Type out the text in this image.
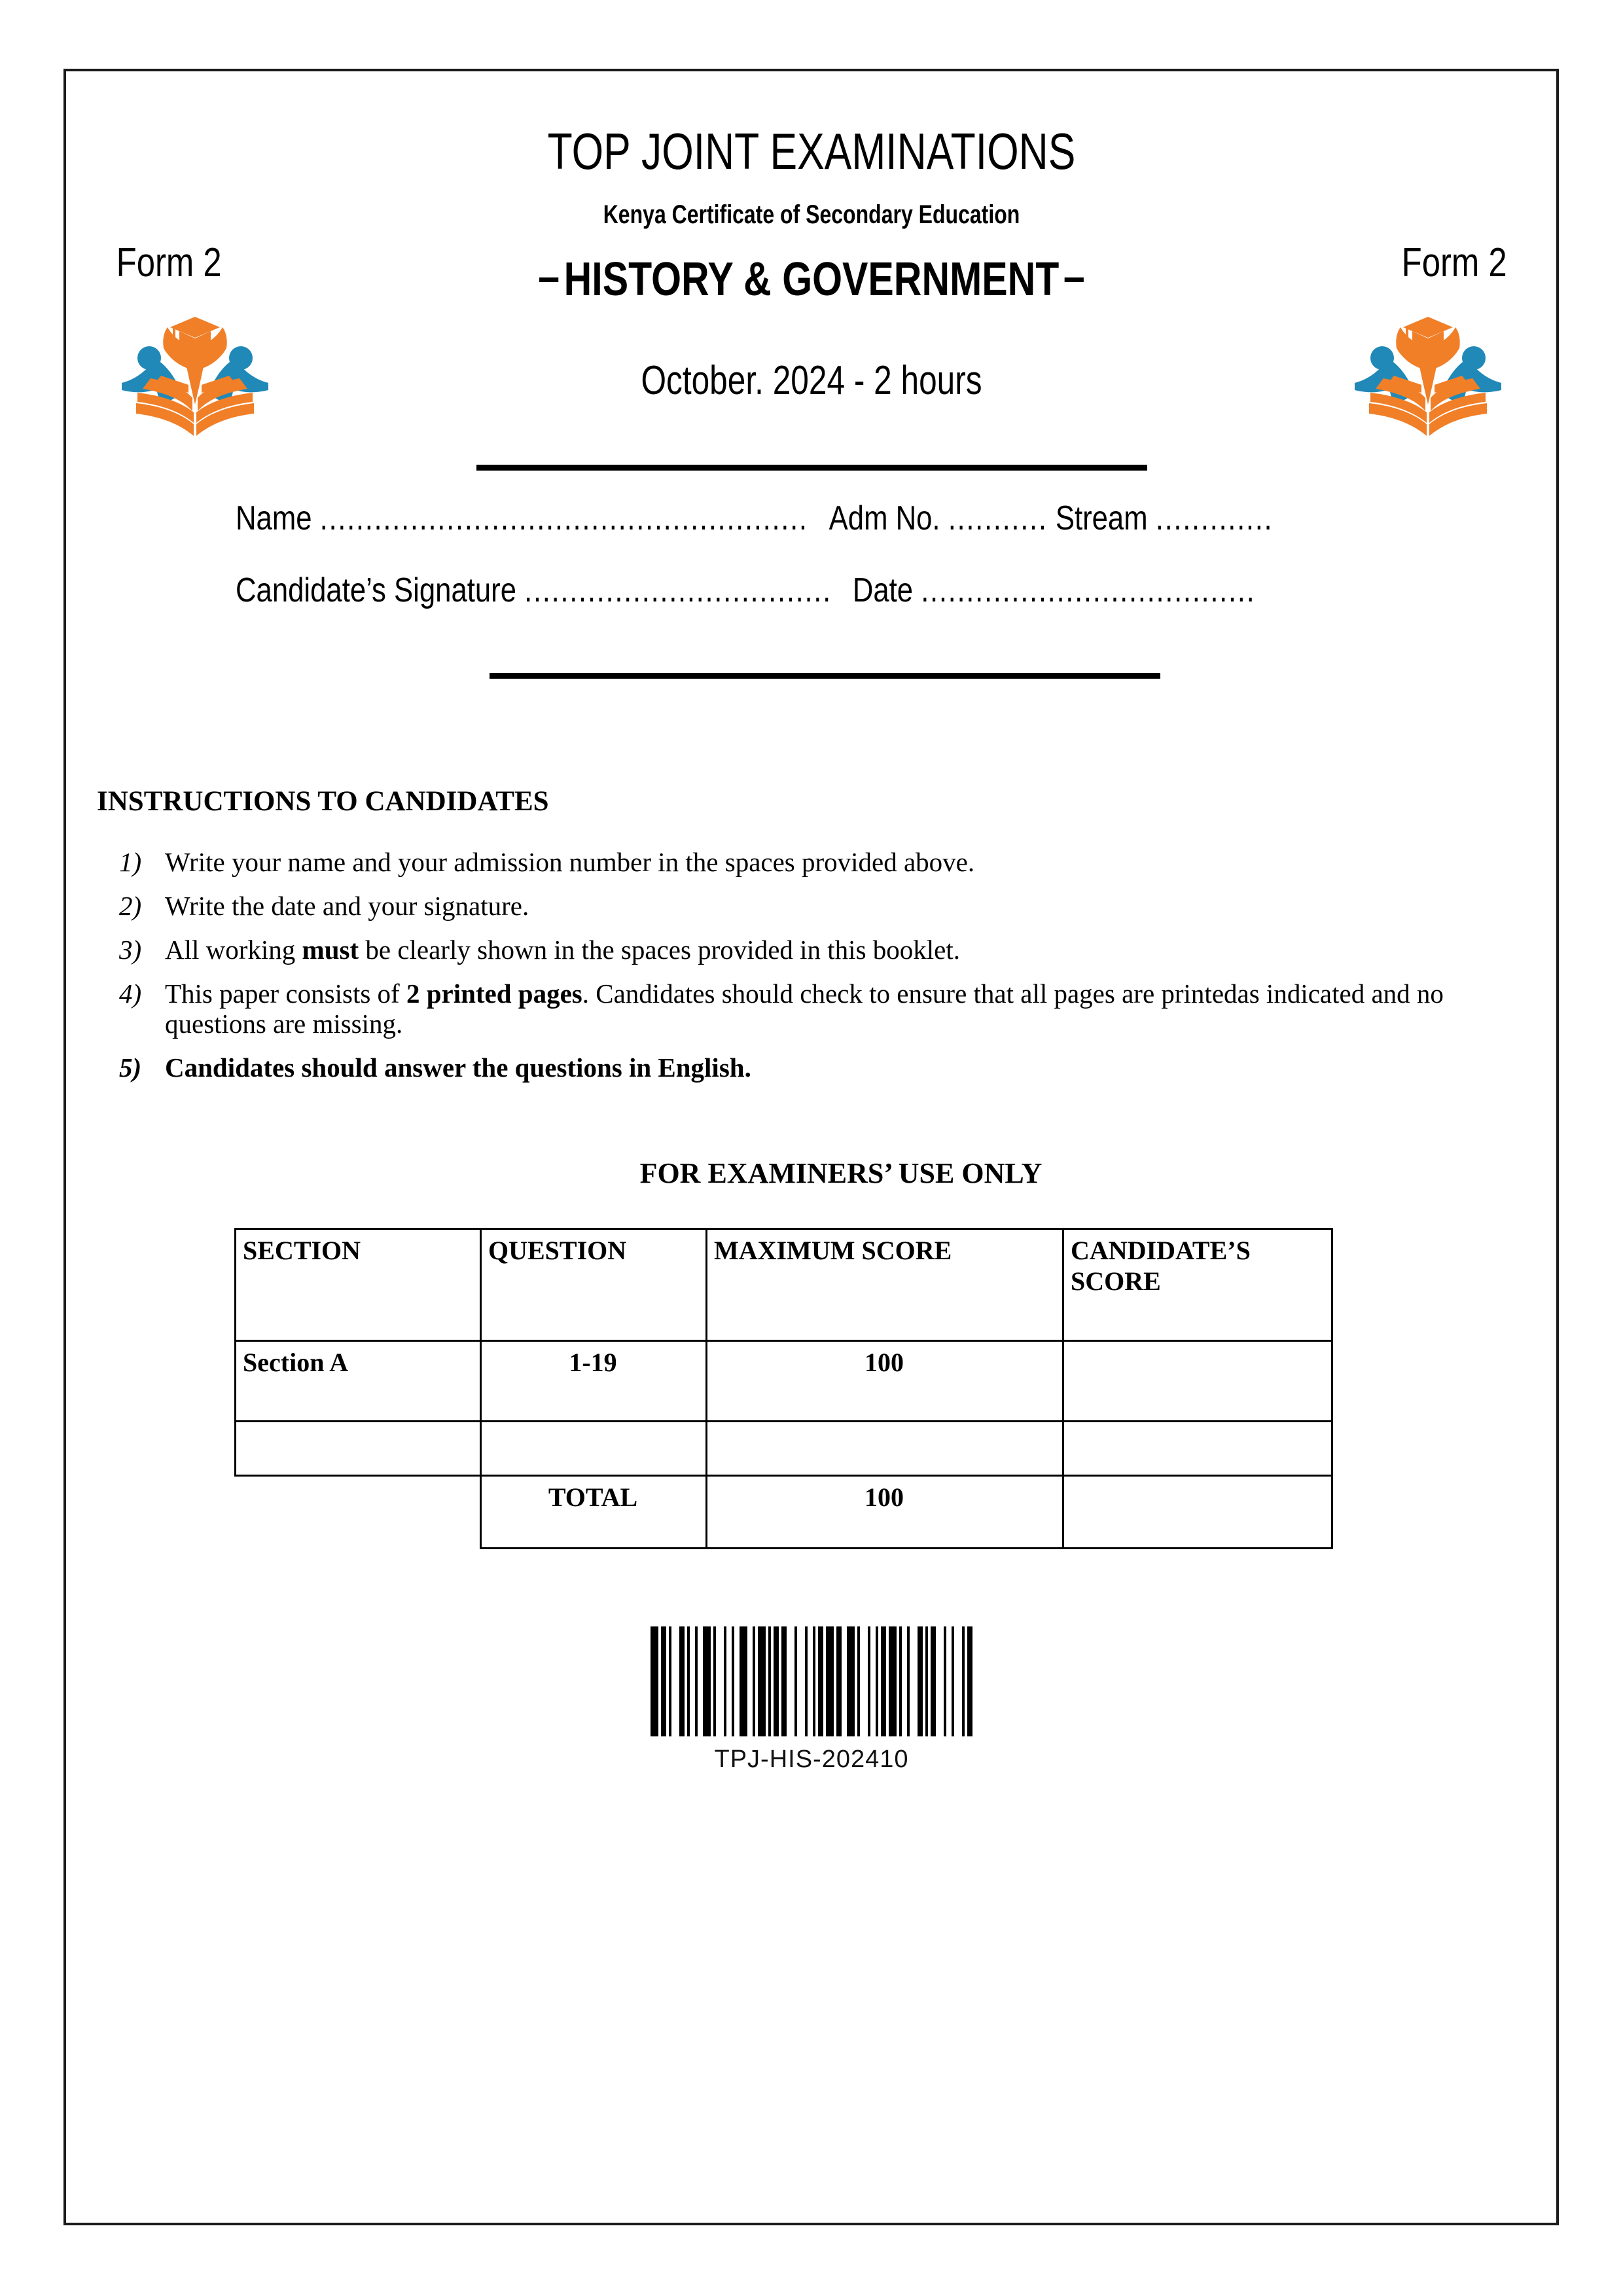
TOP JOINT EXAMINATIONS
Kenya Certificate of Secondary Education
Form 2	Form 2
–HISTORY & GOVERNMENT–
October. 2024 - 2 hours
Name ...................................................... Adm No. ........... Stream .............
Candidate’s Signature .................................. Date .....................................
INSTRUCTIONS TO CANDIDATES
1) Write your name and your admission number in the spaces provided above.
2) Write the date and your signature.
3) All working must be clearly shown in the spaces provided in this booklet.
4) This paper consists of 2 printed pages. Candidates should check to ensure that all pages are printedas indicated and no questions are missing.
5) Candidates should answer the questions in English.
FOR EXAMINERS’ USE ONLY
SECTION	QUESTION	MAXIMUM SCORE	CANDIDATE’S SCORE
Section A	1-19	100	

	TOTAL	100	
TPJ-HIS-202410
